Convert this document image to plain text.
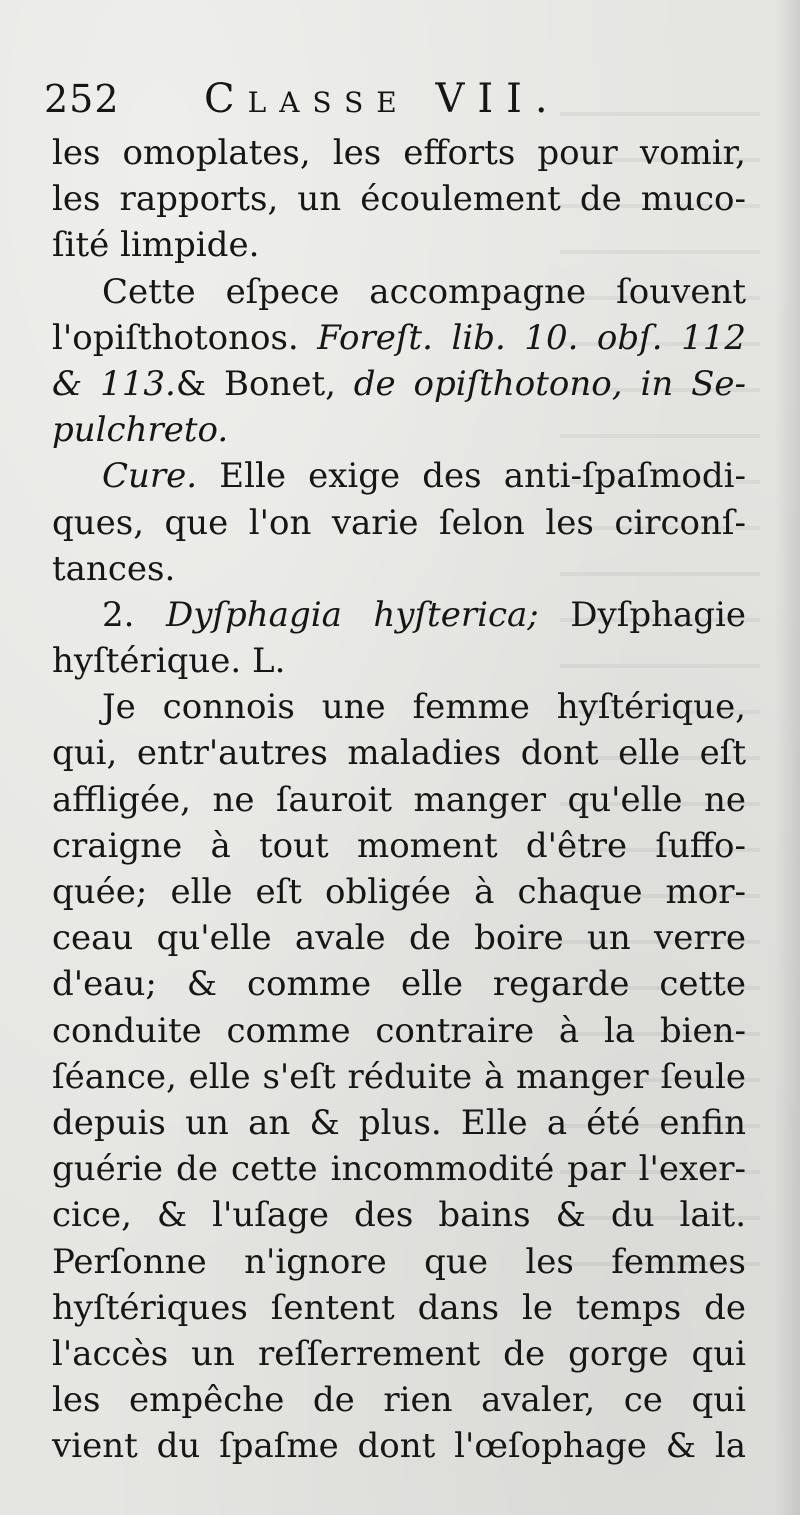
252 Classe VII.
les omoplates, les efforts pour vomir,
les rapports, un écoulement de muco-
ſité limpide.
Cette eſpece accompagne ſouvent
l'opiſthotonos. Foreſt. lib. 10. obſ. 112
& 113.& Bonet, de opiſthotono, in Se-
pulchreto.
Cure. Elle exige des anti-ſpaſmodi-
ques, que l'on varie ſelon les circonſ-
tances.
2. Dyſphagia hyſterica; Dyſphagie
hyſtérique. L.
Je connois une femme hyſtérique,
qui, entr'autres maladies dont elle eſt
affligée, ne ſauroit manger qu'elle ne
craigne à tout moment d'être ſuffo-
quée; elle eſt obligée à chaque mor-
ceau qu'elle avale de boire un verre
d'eau; & comme elle regarde cette
conduite comme contraire à la bien-
ſéance, elle s'eſt réduite à manger ſeule
depuis un an & plus. Elle a été enfin
guérie de cette incommodité par l'exer-
cice, & l'uſage des bains & du lait.
Perſonne n'ignore que les femmes
hyſtériques ſentent dans le temps de
l'accès un reſſerrement de gorge qui
les empêche de rien avaler, ce qui
vient du ſpaſme dont l'œſophage & la
